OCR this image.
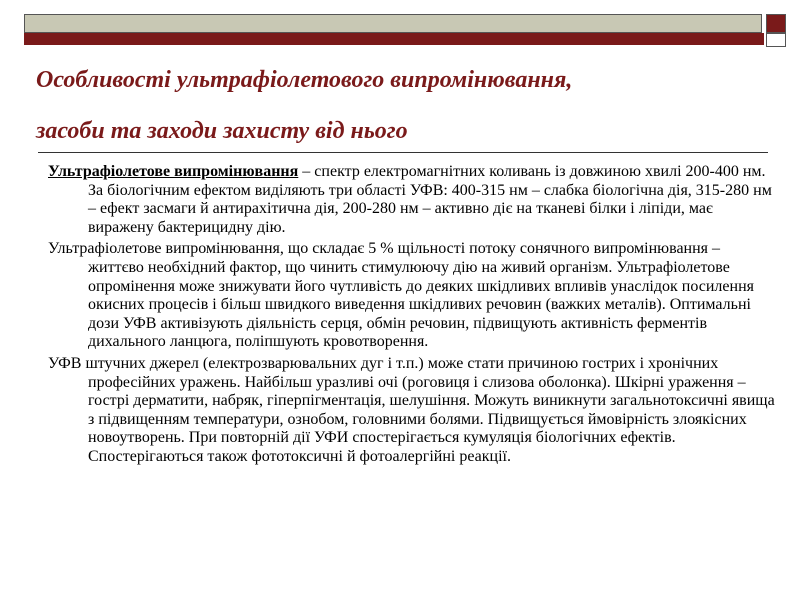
Особливості ультрафіолетового випромінювання,
засоби та заходи захисту від нього

Ультрафіолетове випромінювання – спектр електромагнітних коливань із довжиною хвилі 200-400 нм. За біологічним ефектом виділяють три області УФВ: 400-315 нм – слабка біологічна дія, 315-280 нм – ефект засмаги й антирахітична дія, 200-280 нм – активно діє на тканеві білки і ліпіди, має виражену бактерицидну дію.

Ультрафіолетове випромінювання, що складає 5 % щільності потоку сонячного випромінювання – життєво необхідний фактор, що чинить стимулюючу дію на живий організм. Ультрафіолетове опромінення може знижувати його чутливість до деяких шкідливих впливів унаслідок посилення окисних процесів і більш швидкого виведення шкідливих речовин (важких металів). Оптимальні дози УФВ активізують діяльність серця, обмін речовин, підвищують активність ферментів дихального ланцюга, поліпшують кровотворення.

УФВ штучних джерел (електрозварювальних дуг і т.п.) може стати причиною гострих і хронічних професійних уражень. Найбільш уразливі очі (роговиця і слизова оболонка). Шкірні ураження – гострі дерматити, набряк, гіперпігментація, шелушіння. Можуть виникнути загальнотоксичні явища з підвищенням температури, ознобом, головними болями. Підвищується ймовірність злоякісних новоутворень. При повторній дії УФИ спостерігається кумуляція біологічних ефектів. Спостерігаються також фототоксичні й фотоалергійні реакції.
